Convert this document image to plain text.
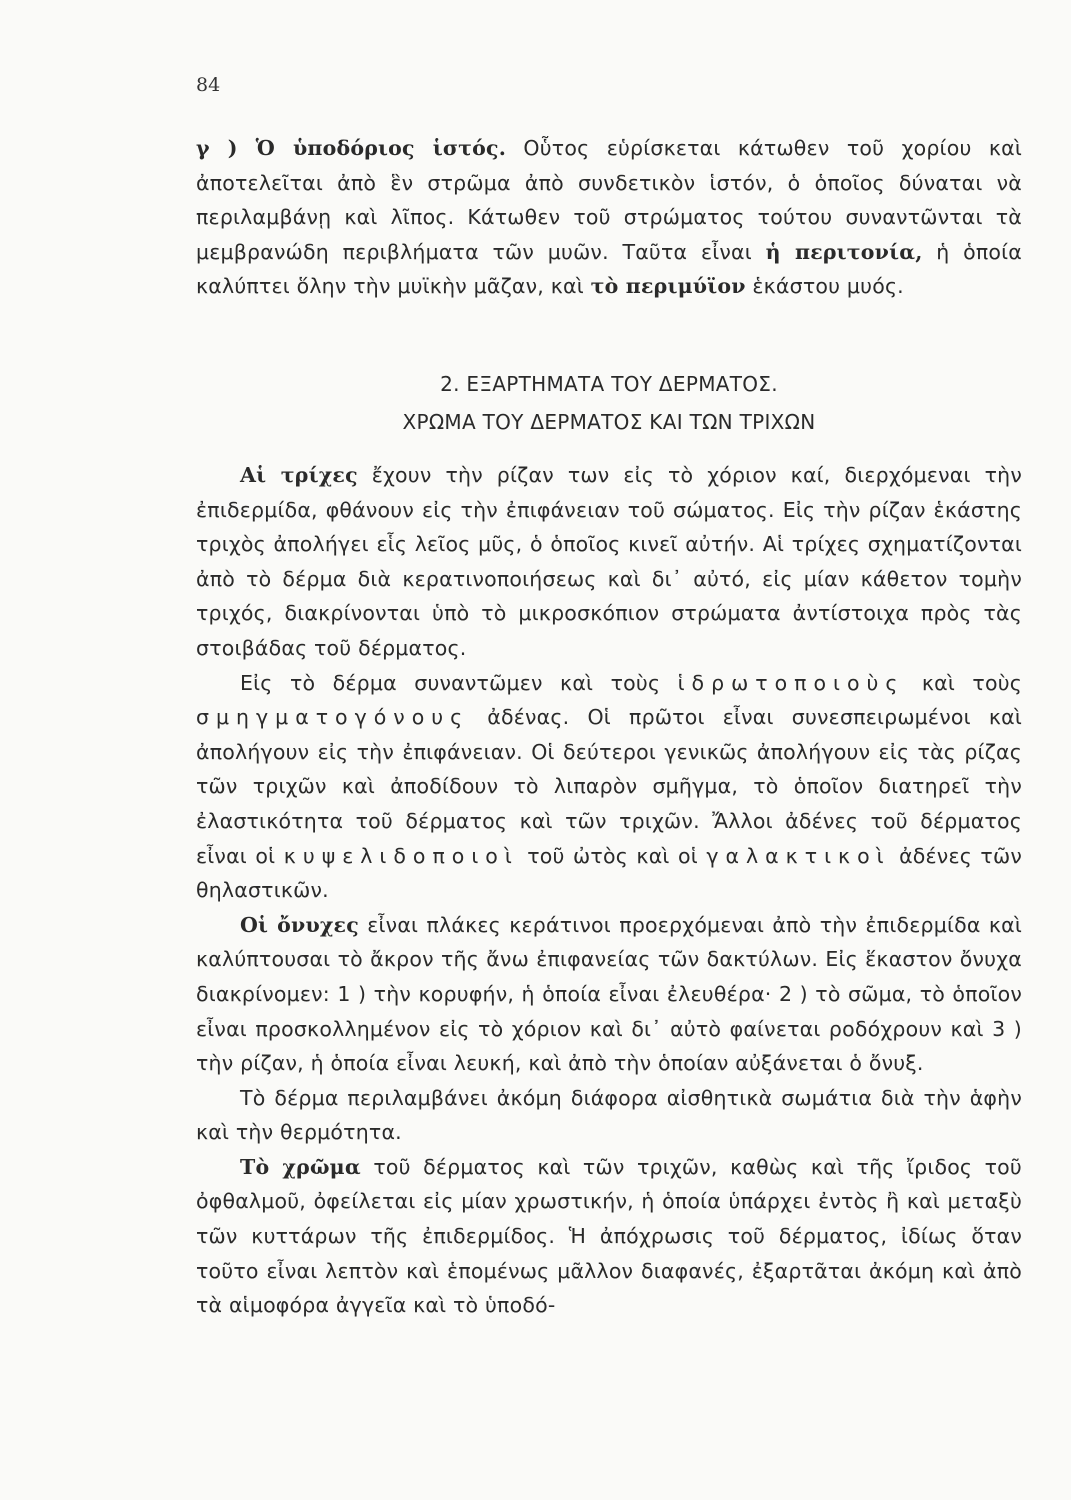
84

γ ) Ὁ ὑποδόριος ἱστός. Οὗτος εὑρίσκεται κάτωθεν τοῦ χορίου καὶ ἀποτελεῖται ἀπὸ ἓν στρῶμα ἀπὸ συνδετικὸν ἱστόν, ὁ ὁποῖος δύναται νὰ περιλαμβάνῃ καὶ λῖπος. Κάτωθεν τοῦ στρώματος τούτου συναντῶνται τὰ μεμβρανώδη περιβλήματα τῶν μυῶν. Ταῦτα εἶναι ἡ περιτονία, ἡ ὁποία καλύπτει ὅλην τὴν μυϊκὴν μᾶζαν, καὶ τὸ περιμύϊον ἑκάστου μυός.

2. ΕΞΑΡΤΗΜΑΤΑ ΤΟΥ ΔΕΡΜΑΤΟΣ.
ΧΡΩΜΑ ΤΟΥ ΔΕΡΜΑΤΟΣ ΚΑΙ ΤΩΝ ΤΡΙΧΩΝ

Αἱ τρίχες ἔχουν τὴν ρίζαν των εἰς τὸ χόριον καί, διερχόμεναι τὴν ἐπιδερμίδα, φθάνουν εἰς τὴν ἐπιφάνειαν τοῦ σώματος. Εἰς τὴν ρίζαν ἑκάστης τριχὸς ἀπολήγει εἷς λεῖος μῦς, ὁ ὁποῖος κινεῖ αὐτήν. Αἱ τρίχες σχηματίζονται ἀπὸ τὸ δέρμα διὰ κερατινοποιήσεως καὶ δι᾿ αὐτό, εἰς μίαν κάθετον τομὴν τριχός, διακρίνονται ὑπὸ τὸ μικροσκόπιον στρώματα ἀντίστοιχα πρὸς τὰς στοιβάδας τοῦ δέρματος.

Εἰς τὸ δέρμα συναντῶμεν καὶ τοὺς ἱδρωτοποιοὺς καὶ τοὺς σμηγματογόνους ἀδένας. Οἱ πρῶτοι εἶναι συνεσπειρωμένοι καὶ ἀπολήγουν εἰς τὴν ἐπιφάνειαν. Οἱ δεύτεροι γενικῶς ἀπολήγουν εἰς τὰς ρίζας τῶν τριχῶν καὶ ἀποδίδουν τὸ λιπαρὸν σμῆγμα, τὸ ὁποῖον διατηρεῖ τὴν ἐλαστικότητα τοῦ δέρματος καὶ τῶν τριχῶν. Ἄλλοι ἀδένες τοῦ δέρματος εἶναι οἱ κυψελιδοποιοὶ τοῦ ὠτὸς καὶ οἱ γαλακτικοὶ ἀδένες τῶν θηλαστικῶν.

Οἱ ὄνυχες εἶναι πλάκες κεράτινοι προερχόμεναι ἀπὸ τὴν ἐπιδερμίδα καὶ καλύπτουσαι τὸ ἄκρον τῆς ἄνω ἐπιφανείας τῶν δακτύλων. Εἰς ἕκαστον ὄνυχα διακρίνομεν: 1 ) τὴν κορυφήν, ἡ ὁποία εἶναι ἐλευθέρα· 2 ) τὸ σῶμα, τὸ ὁποῖον εἶναι προσκολλημένον εἰς τὸ χόριον καὶ δι᾿ αὐτὸ φαίνεται ροδόχρουν καὶ 3 ) τὴν ρίζαν, ἡ ὁποία εἶναι λευκή, καὶ ἀπὸ τὴν ὁποίαν αὐξάνεται ὁ ὄνυξ.

Τὸ δέρμα περιλαμβάνει ἀκόμη διάφορα αἰσθητικὰ σωμάτια διὰ τὴν ἁφὴν καὶ τὴν θερμότητα.

Τὸ χρῶμα τοῦ δέρματος καὶ τῶν τριχῶν, καθὼς καὶ τῆς ἴριδος τοῦ ὀφθαλμοῦ, ὀφείλεται εἰς μίαν χρωστικήν, ἡ ὁποία ὑπάρχει ἐντὸς ἢ καὶ μεταξὺ τῶν κυττάρων τῆς ἐπιδερμίδος. Ἡ ἀπόχρωσις τοῦ δέρματος, ἰδίως ὅταν τοῦτο εἶναι λεπτὸν καὶ ἑπομένως μᾶλλον διαφανές, ἐξαρτᾶται ἀκόμη καὶ ἀπὸ τὰ αἱμοφόρα ἀγγεῖα καὶ τὸ ὑποδό-
